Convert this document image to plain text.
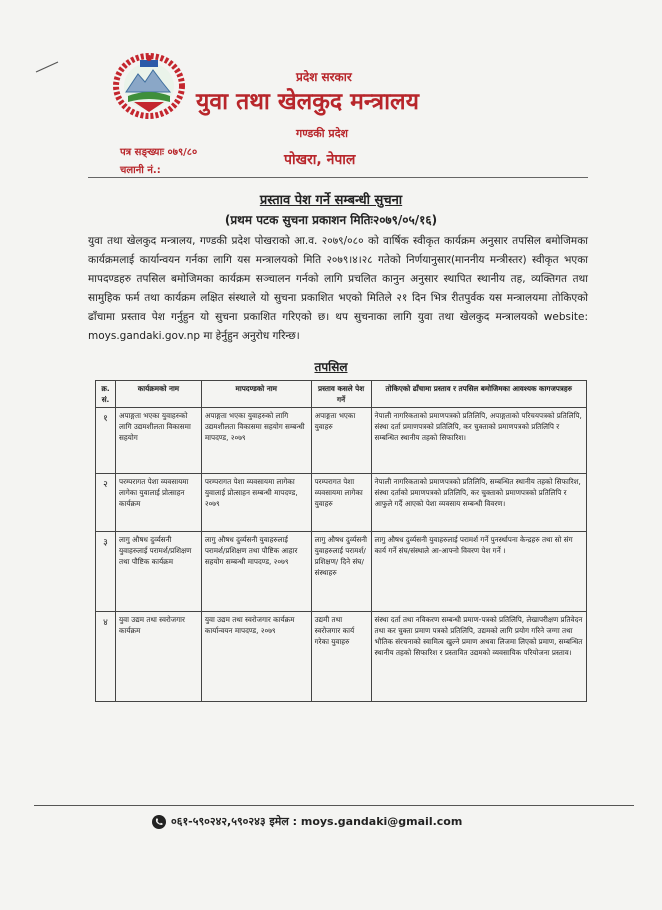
प्रदेश सरकार
युवा तथा खेलकुद मन्त्रालय
गण्डकी प्रदेश
पोखरा, नेपाल
पत्र सङ्ख्याः ०७९/८०
चलानी नं.:
प्रस्ताव पेश गर्ने सम्बन्धी सुचना
(प्रथम पटक सुचना प्रकाशन मितिः२०७९/०५/१६)
युवा तथा खेलकुद मन्त्रालय, गण्डकी प्रदेश पोखराको आ.व. २०७९/०८० को वार्षिक स्वीकृत कार्यक्रम अनुसार तपसिल बमोजिमका कार्यक्रमलाई कार्यान्वयन गर्नका लागि यस मन्त्रालयको मिति २०७९।४।२८ गतेको निर्णयानुसार(माननीय मन्त्रीस्तर) स्वीकृत भएका मापदण्डहरु तपसिल बमोजिमका कार्यक्रम सञ्चालन गर्नको लागि प्रचलित कानुन अनुसार स्थापित स्थानीय तह, व्यक्तिगत तथा सामुहिक फर्म तथा कार्यक्रम लक्षित संस्थाले यो सुचना प्रकाशित भएको मितिले २१ दिन भित्र रीतपुर्वक यस मन्त्रालयमा तोकिएको ढाँचामा प्रस्ताव पेश गर्नुहुन यो सुचना प्रकाशित गरिएको छ। थप सुचनाका लागि युवा तथा खेलकुद मन्त्रालयको website: moys.gandaki.gov.np मा हेर्नुहुन अनुरोध गरिन्छ।
तपसिल
क्र. सं.	कार्यक्रमको नाम	मापदण्डको नाम	प्रस्ताव कसले पेश गर्ने	तोकिएको ढाँचामा प्रस्ताव र तपसिल बमोजिमका आवश्यक कागजपत्रहरु
१	अपाङ्गता भएका युवाहरुको लागि उद्यमशीलता विकासमा सहयोग	अपाङ्गता भएका युवाहरुको लागि उद्यमशीलता विकासमा सहयोग सम्बन्धी मापदण्ड, २०७९	अपाङ्गता भएका युवाहरु	नेपाली नागरिकताको प्रमाणपत्रको प्रतिलिपि, अपाङ्गताको परिचयपत्रको प्रतिलिपि, संस्था दर्ता प्रमाणपत्रको प्रतिलिपि, कर चुक्ताको प्रमाणपत्रको प्रतिलिपि र सम्बन्धित स्थानीय तहको सिफारिश।
२	परम्परागत पेशा व्यवसायमा लागेका युवालाई प्रोत्साहन कार्यक्रम	परम्परागत पेशा व्यवसायमा लागेका युवालाई प्रोत्साहन सम्बन्धी मापदण्ड, २०७९	परम्परागत पेशा व्यवसायमा लागेका युवाहरु	नेपाली नागरिकताको प्रमाणपत्रको प्रतिलिपि, सम्बन्धित स्थानीय तहको सिफारिश, संस्था दर्ताको प्रमाणपत्रको प्रतिलिपि, कर चुक्ताको प्रमाणपत्रको प्रतिलिपि र आफुले गर्दै आएको पेशा व्यवसाय सम्बन्धी विवरण।
३	लागु औषध दुर्व्यसनी युवाहरुलाई परामर्श/प्रशिक्षण तथा पौष्टिक कार्यक्रम	लागु औषध दुर्व्यसनी युवाहरुलाई परामर्श/प्रशिक्षण तथा पौष्टिक आहार सहयोग सम्बन्धी मापदण्ड, २०७९	लागु औषध दुर्व्यसनी युवाहरुलाई परामर्श/प्रशिक्षण/ दिने संघ/ संस्थाहरु	लागु औषध दुर्व्यसनी युवाहरुलाई परामर्श गर्ने पुनर्स्थापना केन्द्रहरु तथा सो संग कार्य गर्ने संघ/संस्थाले आ-आफ्नो विवरण पेश गर्ने ।
४	युवा उद्यम तथा स्वरोजगार कार्यक्रम	युवा उद्यम तथा स्वरोजगार कार्यक्रम कार्यान्वयन मापदण्ड, २०७९	उद्यमी तथा स्वरोजगार कार्य गरेका युवाहरु	संस्था दर्ता तथा नविकरण सम्बन्धी प्रमाण-पत्रको प्रतिलिपि, लेखापरीक्षण प्रतिवेदन तथा कर चुक्ता प्रमाण पत्रको प्रतिलिपि, उद्यमको लागि प्रयोग गरिने जग्गा तथा भौतिक संरचनाको स्वामित्व खुल्ने प्रमाण अथवा लिजमा लिएको प्रमाण, सम्बन्धित स्थानीय तहको सिफारिश र प्रस्तावित उद्यमको व्यवसायिक परियोजना प्रस्ताव।
०६१-५९०२४२,५९०२४३ इमेल : moys.gandaki@gmail.com
